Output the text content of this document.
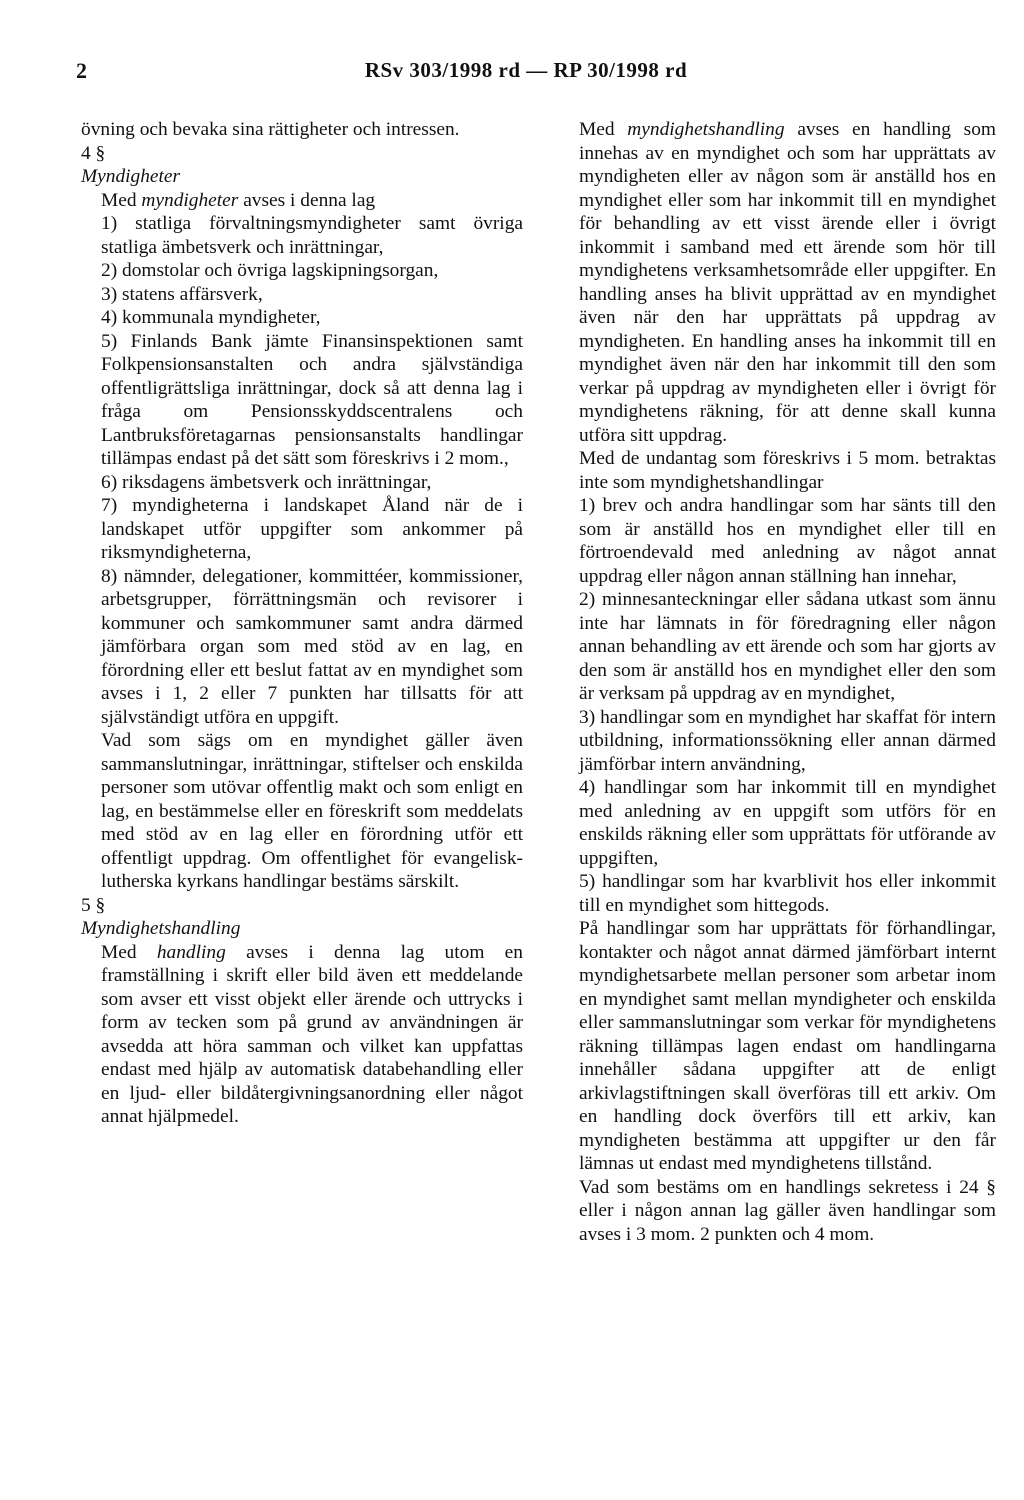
2	RSv 303/1998 rd — RP 30/1998 rd

övning och bevaka sina rättigheter och intressen.

4 §

Myndigheter

Med myndigheter avses i denna lag

1) statliga förvaltningsmyndigheter samt övriga statliga ämbetsverk och inrättningar,

2) domstolar och övriga lagskipningsorgan,

3) statens affärsverk,

4) kommunala myndigheter,

5) Finlands Bank jämte Finansinspektionen samt Folkpensionsanstalten och andra självständiga offentligrättsliga inrättningar, dock så att denna lag i fråga om Pensionsskyddscentralens och Lantbruksföretagarnas pensionsanstalts handlingar tillämpas endast på det sätt som föreskrivs i 2 mom.,

6) riksdagens ämbetsverk och inrättningar,

7) myndigheterna i landskapet Åland när de i landskapet utför uppgifter som ankommer på riksmyndigheterna,

8) nämnder, delegationer, kommittéer, kommissioner, arbetsgrupper, förrättningsmän och revisorer i kommuner och samkommuner samt andra därmed jämförbara organ som med stöd av en lag, en förordning eller ett beslut fattat av en myndighet som avses i 1, 2 eller 7 punkten har tillsatts för att självständigt utföra en uppgift.

Vad som sägs om en myndighet gäller även sammanslutningar, inrättningar, stiftelser och enskilda personer som utövar offentlig makt och som enligt en lag, en bestämmelse eller en föreskrift som meddelats med stöd av en lag eller en förordning utför ett offentligt uppdrag. Om offentlighet för evangelisk-lutherska kyrkans handlingar bestäms särskilt.

5 §

Myndighetshandling

Med handling avses i denna lag utom en framställning i skrift eller bild även ett meddelande som avser ett visst objekt eller ärende och uttrycks i form av tecken som på grund av användningen är avsedda att höra samman och vilket kan uppfattas endast med hjälp av automatisk databehandling eller en ljud- eller bildåtergivningsanordning eller något annat hjälpmedel.

Med myndighetshandling avses en handling som innehas av en myndighet och som har upprättats av myndigheten eller av någon som är anställd hos en myndighet eller som har inkommit till en myndighet för behandling av ett visst ärende eller i övrigt inkommit i samband med ett ärende som hör till myndighetens verksamhetsområde eller uppgifter. En handling anses ha blivit upprättad av en myndighet även när den har upprättats på uppdrag av myndigheten. En handling anses ha inkommit till en myndighet även när den har inkommit till den som verkar på uppdrag av myndigheten eller i övrigt för myndighetens räkning, för att denne skall kunna utföra sitt uppdrag.

Med de undantag som föreskrivs i 5 mom. betraktas inte som myndighetshandlingar

1) brev och andra handlingar som har sänts till den som är anställd hos en myndighet eller till en förtroendevald med anledning av något annat uppdrag eller någon annan ställning han innehar,

2) minnesanteckningar eller sådana utkast som ännu inte har lämnats in för föredragning eller någon annan behandling av ett ärende och som har gjorts av den som är anställd hos en myndighet eller den som är verksam på uppdrag av en myndighet,

3) handlingar som en myndighet har skaffat för intern utbildning, informationssökning eller annan därmed jämförbar intern användning,

4) handlingar som har inkommit till en myndighet med anledning av en uppgift som utförs för en enskilds räkning eller som upprättats för utförande av uppgiften,

5) handlingar som har kvarblivit hos eller inkommit till en myndighet som hittegods.

På handlingar som har upprättats för förhandlingar, kontakter och något annat därmed jämförbart internt myndighetsarbete mellan personer som arbetar inom en myndighet samt mellan myndigheter och enskilda eller sammanslutningar som verkar för myndighetens räkning tillämpas lagen endast om handlingarna innehåller sådana uppgifter att de enligt arkivlagstiftningen skall överföras till ett arkiv. Om en handling dock överförs till ett arkiv, kan myndigheten bestämma att uppgifter ur den får lämnas ut endast med myndighetens tillstånd.

Vad som bestäms om en handlings sekretess i 24 § eller i någon annan lag gäller även handlingar som avses i 3 mom. 2 punkten och 4 mom.
